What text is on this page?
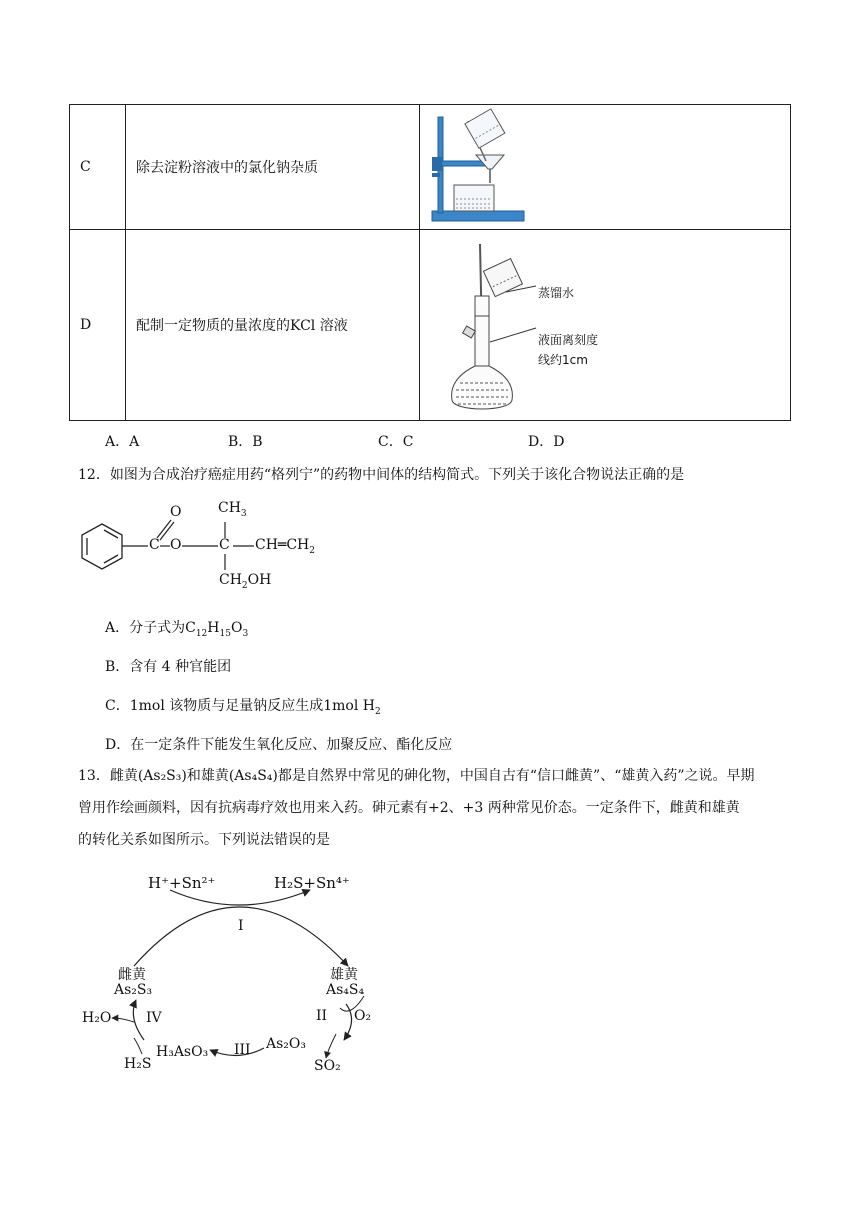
C	除去淀粉溶液中的氯化钠杂质	

D	配制一定物质的量浓度的KCl 溶液	蒸馏水
液面离刻度
线约1cm
A．A	B．B	C．C	D．D
12．如图为合成治疗癌症用药“格列宁”的药物中间体的结构简式。下列关于该化合物说法正确的是
O	$CH_3$
C O	C $CH═CH_2$
$CH_2OH$
A．分子式为$C_{12}H_{15}O_3$
B．含有 4 种官能团
C．1mol 该物质与足量钠反应生成1mol $H_2$
D．在一定条件下能发生氧化反应、加聚反应、酯化反应
13．雌黄(As₂S₃)和雄黄(As₄S₄)都是自然界中常见的砷化物，中国自古有“信口雌黄”、“雄黄入药”之说。早期
曾用作绘画颜料，因有抗病毒疗效也用来入药。砷元素有+2、+3 两种常见价态。一定条件下，雌黄和雄黄
的转化关系如图所示。下列说法错误的是
H⁺+Sn²⁺	H₂S+Sn⁴⁺
I
雌黄
As₂S₃
雄黄
As₄S₄
II O₂
SO₂
As₂O₃
III
H₃AsO₃
IV
H₂O
H₂S
